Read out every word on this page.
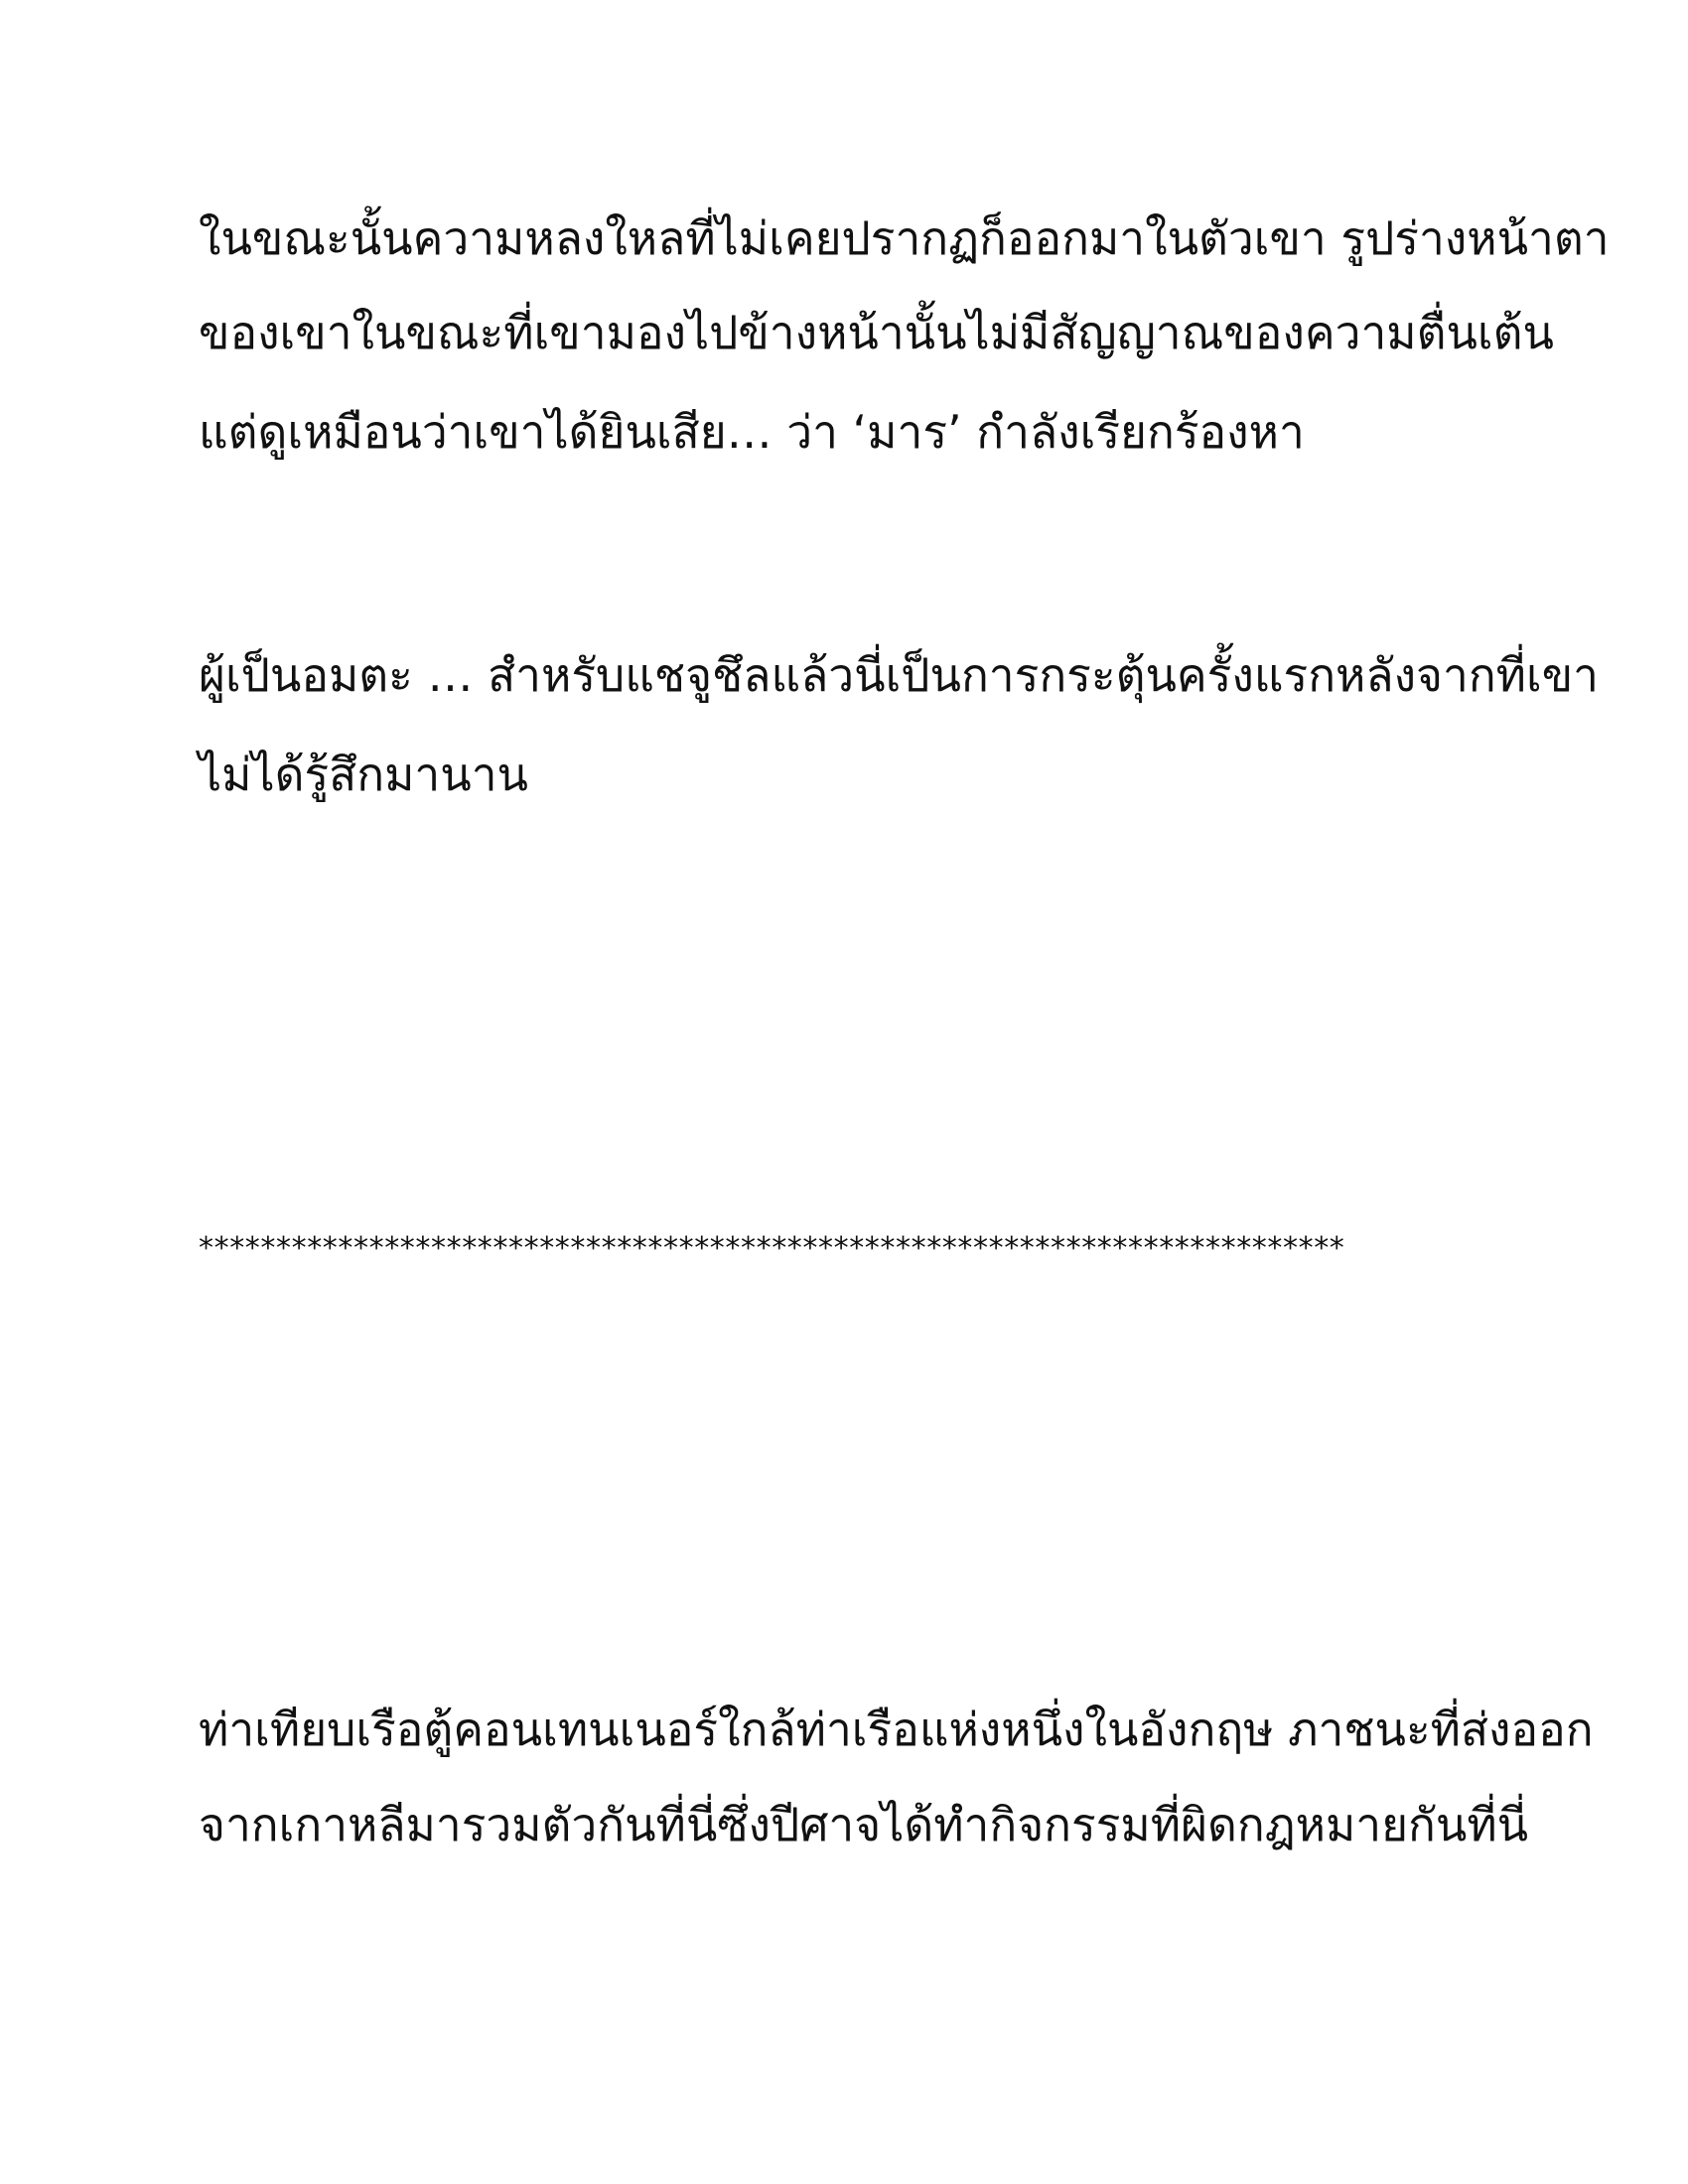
ในขณะนั้นความหลงใหลที่ไม่เคยปรากฏก็ออกมาในตัวเขา รูปร่างหน้าตา
ของเขาในขณะที่เขามองไปข้างหน้านั้นไม่มีสัญญาณของความตื่นเต้น
แต่ดูเหมือนว่าเขาได้ยินเสีย… ว่า ‘มาร’ กำลังเรียกร้องหา
ผู้เป็นอมตะ … สำหรับแชจูชึลแล้วนี่เป็นการกระตุ้นครั้งแรกหลังจากที่เขา
ไม่ได้รู้สึกมานาน
**************************************************************************
ท่าเทียบเรือตู้คอนเทนเนอร์ใกล้ท่าเรือแห่งหนึ่งในอังกฤษ ภาชนะที่ส่งออก
จากเกาหลีมารวมตัวกันที่นี่ซึ่งปีศาจได้ทำกิจกรรมที่ผิดกฎหมายกันที่นี่
